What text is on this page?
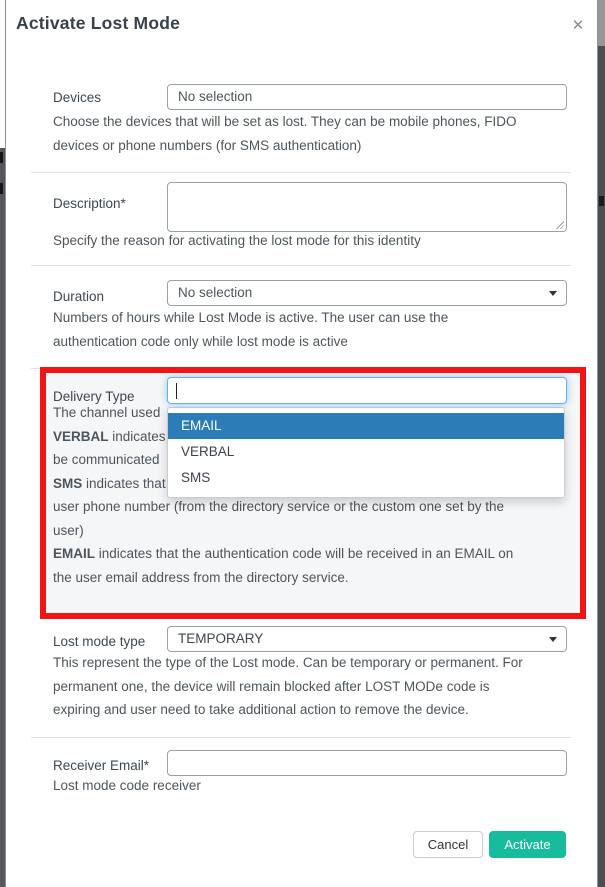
Activate Lost Mode	✕
Devices	No selection
Choose the devices that will be set as lost. They can be mobile phones, FIDO
devices or phone numbers (for SMS authentication)
Description*
Specify the reason for activating the lost mode for this identity
Duration	No selection
Numbers of hours while Lost Mode is active. The user can use the
authentication code only while lost mode is active
Delivery Type
The channel used
VERBAL indicates
be communicated
SMS indicates that
user phone number (from the directory service or the custom one set by the
user)
EMAIL indicates that the authentication code will be received in an EMAIL on
the user email address from the directory service.
EMAIL
VERBAL
SMS
Lost mode type	TEMPORARY
This represent the type of the Lost mode. Can be temporary or permanent. For
permanent one, the device will remain blocked after LOST MODe code is
expiring and user need to take additional action to remove the device.
Receiver Email*
Lost mode code receiver
Cancel	Activate
